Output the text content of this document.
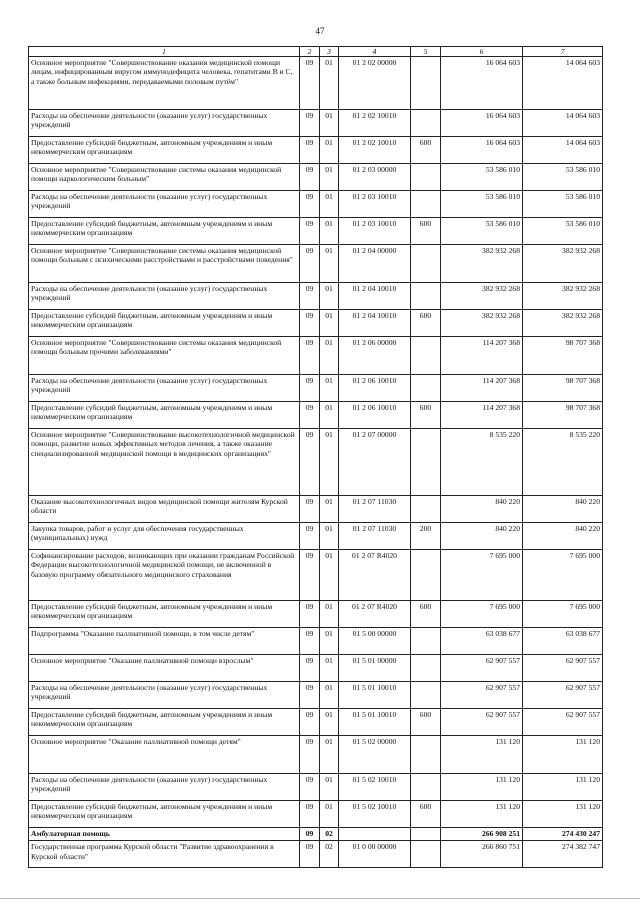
47
1	2	3	4	5	6	7
Основное мероприятие "Совершенствование оказания медицинской помощи лицам, инфицированным вирусом иммунодефицита человека, гепатитами В и С, а также больным инфекциями, передаваемыми половым путём"	09	01	01 2 02 00000		16 064 603	14 064 603
Расходы на обеспечение деятельности (оказание услуг) государственных учреждений	09	01	01 2 02 10010		16 064 603	14 064 603
Предоставление субсидий бюджетным, автономным учреждениям и иным некоммерческим организациям	09	01	01 2 02 10010	600	16 064 603	14 064 603
Основное мероприятие "Совершенствование системы оказания медицинской помощи наркологическим больным"	09	01	01 2 03 00000		53 586 010	53 586 010
Расходы на обеспечение деятельности (оказание услуг) государственных учреждений	09	01	01 2 03 10010		53 586 010	53 586 010
Предоставление субсидий бюджетным, автономным учреждениям и иным некоммерческим организациям	09	01	01 2 03 10010	600	53 586 010	53 586 010
Основное мероприятие "Совершенствование системы оказания медицинской помощи больным с психическими расстройствами и расстройствами поведения"	09	01	01 2 04 00000		382 932 268	382 932 268
Расходы на обеспечение деятельности (оказание услуг) государственных учреждений	09	01	01 2 04 10010		382 932 268	382 932 268
Предоставление субсидий бюджетным, автономным учреждениям и иным некоммерческим организациям	09	01	01 2 04 10010	600	382 932 268	382 932 268
Основное мероприятие "Совершенствование системы оказания медицинской помощи больным прочими заболеваниями"	09	01	01 2 06 00000		114 207 368	98 707 368
Расходы на обеспечение деятельности (оказание услуг) государственных учреждений	09	01	01 2 06 10010		114 207 368	98 707 368
Предоставление субсидий бюджетным, автономным учреждениям и иным некоммерческим организациям	09	01	01 2 06 10010	600	114 207 368	98 707 368
Основное мероприятие "Совершенствование высокотехнологичной медицинской помощи, развитие новых эффективных методов лечения, а также оказание специализированной медицинской помощи в медицинских организациях"	09	01	01 2 07 00000		8 535 220	8 535 220
Оказание высокотехнологичных видов медицинской помощи жителям Курской области	09	01	01 2 07 11030		840 220	840 220
Закупка товаров, работ и услуг для обеспечения государственных (муниципальных) нужд	09	01	01 2 07 11030	200	840 220	840 220
Софинансирование расходов, возникающих при оказании гражданам Российской Федерации высокотехнологичной медицинской помощи, не включенной в базовую программу обязательного медицинского страхования	09	01	01 2 07 R4020		7 695 000	7 695 000
Предоставление субсидий бюджетным, автономным учреждениям и иным некоммерческим организациям	09	01	01 2 07 R4020	600	7 695 000	7 695 000
Подпрограмма "Оказание паллиативной помощи, в том числе детям"	09	01	01 5 00 00000		63 038 677	63 038 677
Основное мероприятие "Оказание паллиативной помощи взрослым"	09	01	01 5 01 00000		62 907 557	62 907 557
Расходы на обеспечение деятельности (оказание услуг) государственных учреждений	09	01	01 5 01 10010		62 907 557	62 907 557
Предоставление субсидий бюджетным, автономным учреждениям и иным некоммерческим организациям	09	01	01 5 01 10010	600	62 907 557	62 907 557
Основное мероприятие "Оказание паллиативной помощи детям"	09	01	01 5 02 00000		131 120	131 120
Расходы на обеспечение деятельности (оказание услуг) государственных учреждений	09	01	01 5 02 10010		131 120	131 120
Предоставление субсидий бюджетным, автономным учреждениям и иным некоммерческим организациям	09	01	01 5 02 10010	600	131 120	131 120
Амбулаторная помощь	09	02			266 908 251	274 430 247
Государственная программа Курской области "Развитие здравоохранения в Курской области"	09	02	01 0 00 00000		266 860 751	274 382 747
